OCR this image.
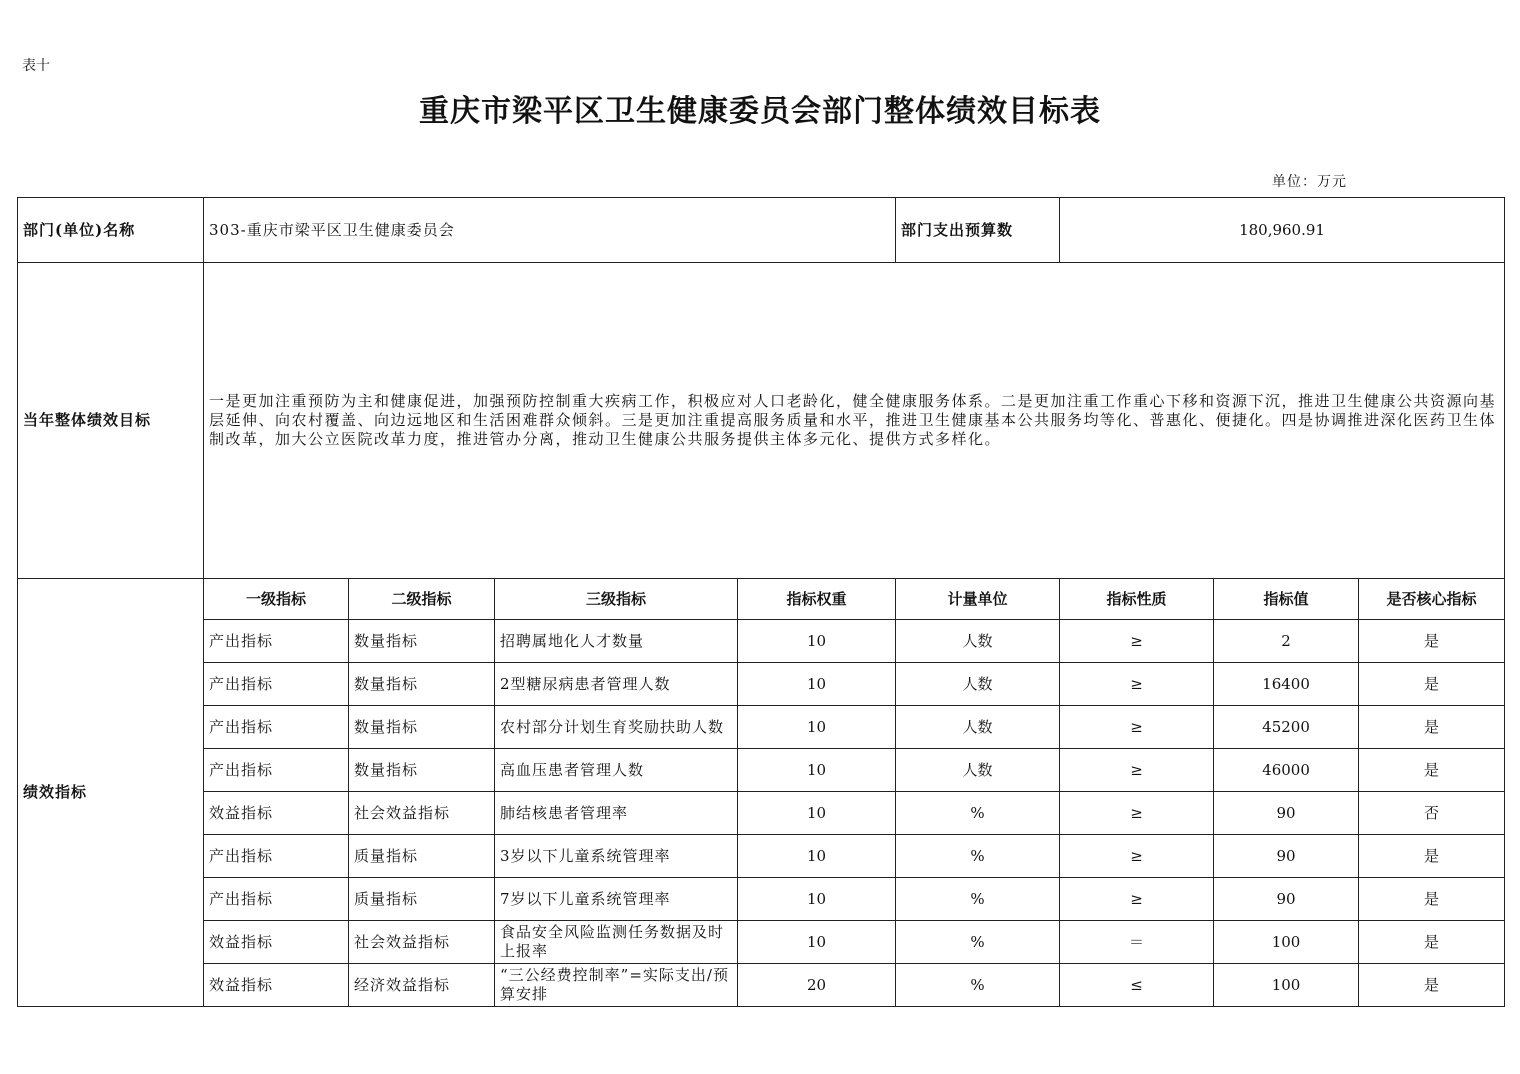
表十
重庆市梁平区卫生健康委员会部门整体绩效目标表
单位：万元
部门(单位)名称	303-重庆市梁平区卫生健康委员会				部门支出预算数	180,960.91		
当年整体绩效目标	一是更加注重预防为主和健康促进，加强预防控制重大疾病工作，积极应对人口老龄化，健全健康服务体系。二是更加注重工作重心下移和资源下沉，推进卫生健康公共资源向基层延伸、向农村覆盖、向边远地区和生活困难群众倾斜。三是更加注重提高服务质量和水平，推进卫生健康基本公共服务均等化、普惠化、便捷化。四是协调推进深化医药卫生体制改革，加大公立医院改革力度，推进管办分离，推动卫生健康公共服务提供主体多元化、提供方式多样化。							
绩效指标	一级指标	二级指标	三级指标	指标权重	计量单位	指标性质	指标值	是否核心指标
	产出指标	数量指标	招聘属地化人才数量	10	人数	≥	2	是
	产出指标	数量指标	2型糖尿病患者管理人数	10	人数	≥	16400	是
	产出指标	数量指标	农村部分计划生育奖励扶助人数	10	人数	≥	45200	是
	产出指标	数量指标	高血压患者管理人数	10	人数	≥	46000	是
	效益指标	社会效益指标	肺结核患者管理率	10	%	≥	90	否
	产出指标	质量指标	3岁以下儿童系统管理率	10	%	≥	90	是
	产出指标	质量指标	7岁以下儿童系统管理率	10	%	≥	90	是
	效益指标	社会效益指标	食品安全风险监测任务数据及时上报率	10	%	＝	100	是
	效益指标	经济效益指标	“三公经费控制率”=实际支出/预算安排	20	%	≤	100	是
